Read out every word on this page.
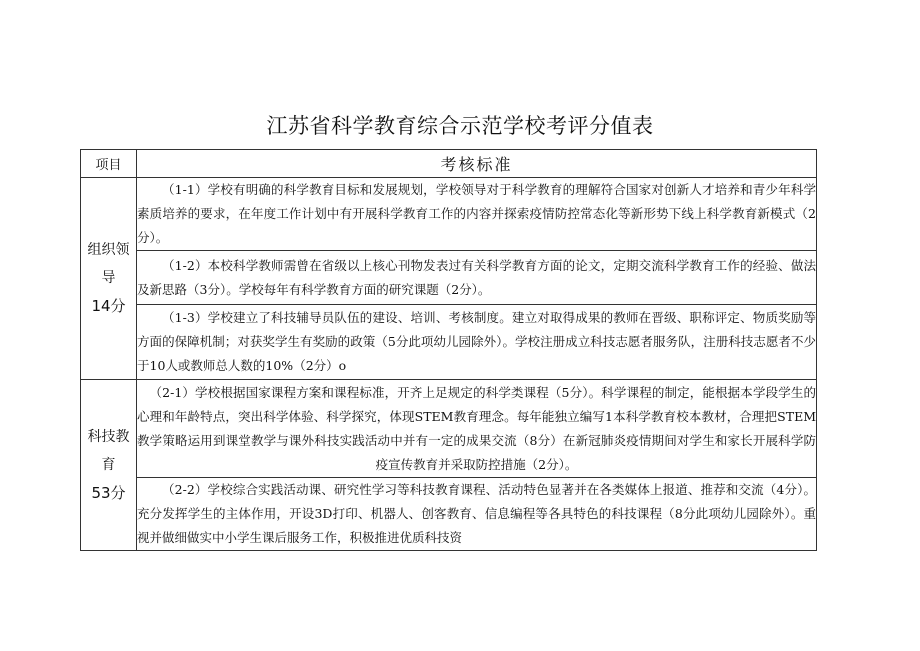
江苏省科学教育综合示范学校考评分值表
项目	考核标准
组织领导
14分	（1-1）学校有明确的科学教育目标和发展规划，学校领导对于科学教育的理解符合国家对创新人才培养和青少年科学素质培养的要求，在年度工作计划中有开展科学教育工作的内容并探索疫情防控常态化等新形势下线上科学教育新模式（2分）。
	（1-2）本校科学教师需曾在省级以上核心刊物发表过有关科学教育方面的论文，定期交流科学教育工作的经验、做法及新思路（3分）。学校每年有科学教育方面的研究课题（2分）。
	（1-3）学校建立了科技辅导员队伍的建设、培训、考核制度。建立对取得成果的教师在晋级、职称评定、物质奖励等方面的保障机制；对获奖学生有奖励的政策（5分此项幼儿园除外）。学校注册成立科技志愿者服务队，注册科技志愿者不少于10人或教师总人数的10%（2分）o
科技教育
53分	（2-1）学校根据国家课程方案和课程标准，开齐上足规定的科学类课程（5分）。科学课程的制定，能根据本学段学生的心理和年龄特点，突出科学体验、科学探究，体现STEM教育理念。每年能独立编写1本科学教育校本教材，合理把STEM教学策略运用到课堂教学与课外科技实践活动中并有一定的成果交流（8分）在新冠肺炎疫情期间对学生和家长开展科学防疫宣传教育并采取防控措施（2分）。
	（2-2）学校综合实践活动课、研究性学习等科技教育课程、活动特色显著并在各类媒体上报道、推荐和交流（4分）。充分发挥学生的主体作用，开设3D打印、机器人、创客教育、信息编程等各具特色的科技课程（8分此项幼儿园除外）。重视并做细做实中小学生课后服务工作，积极推进优质科技资
